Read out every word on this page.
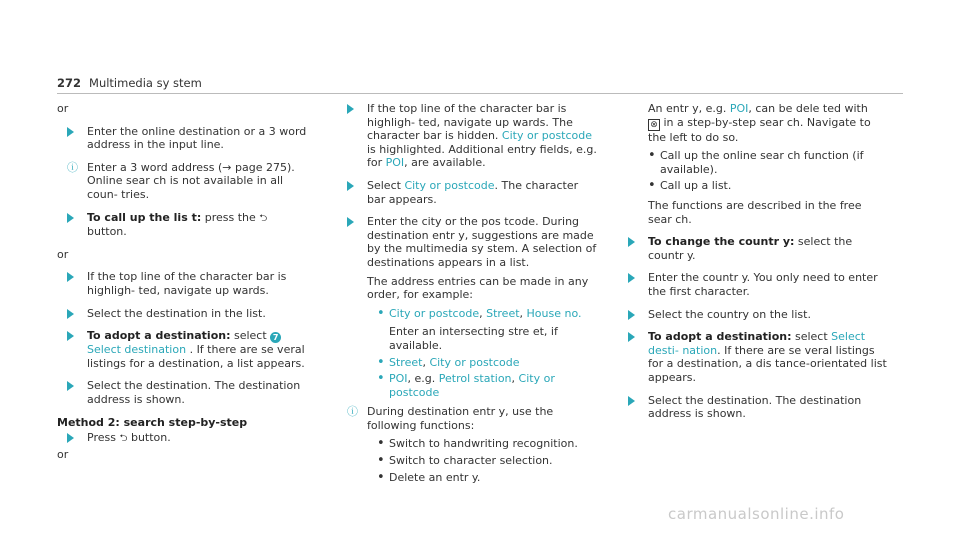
272 Multimedia sy stem
or
Enter the online destination or a 3 word address in the input line.
ⓘ Enter a 3 word address (→ page 275). Online sear ch is not available in all coun‐ tries.
To call up the lis t: press the ⮌ button.
or
If the top line of the character bar is highligh‐ ted, navigate up wards.
Select the destination in the list.
To adopt a destination: select 7 Select destination . If there are se veral listings for a destination, a list appears.
Select the destination. The destination address is shown.
Method 2: search step-by-step
Press ⮌ button.
or
If the top line of the character bar is highligh‐ ted, navigate up wards. The character bar is hidden. City or postcode is highlighted. Additional entry fields, e.g. for POI, are available.
Select City or postcode. The character bar appears.
Enter the city or the pos tcode. During destination entr y, suggestions are made by the multimedia sy stem. A selection of destinations appears in a list.
The address entries can be made in any order, for example:
• City or postcode, Street, House no.
Enter an intersecting stre et, if available.
• Street, City or postcode
• POI, e.g. Petrol station, City or postcode
ⓘ During destination entr y, use the following functions:
• Switch to handwriting recognition.
• Switch to character selection.
• Delete an entr y.
An entr y, e.g. POI, can be dele ted with
⊗ in a step-by-step sear ch. Navigate to the left to do so.
• Call up the online sear ch function (if available).
• Call up a list.
The functions are described in the free sear ch.
To change the countr y: select the countr y.
Enter the countr y. You only need to enter the first character.
Select the country on the list.
To adopt a destination: select Select desti‐ nation. If there are se veral listings for a destination, a dis tance-orientated list appears.
Select the destination. The destination address is shown.
carmanualsonline.info
